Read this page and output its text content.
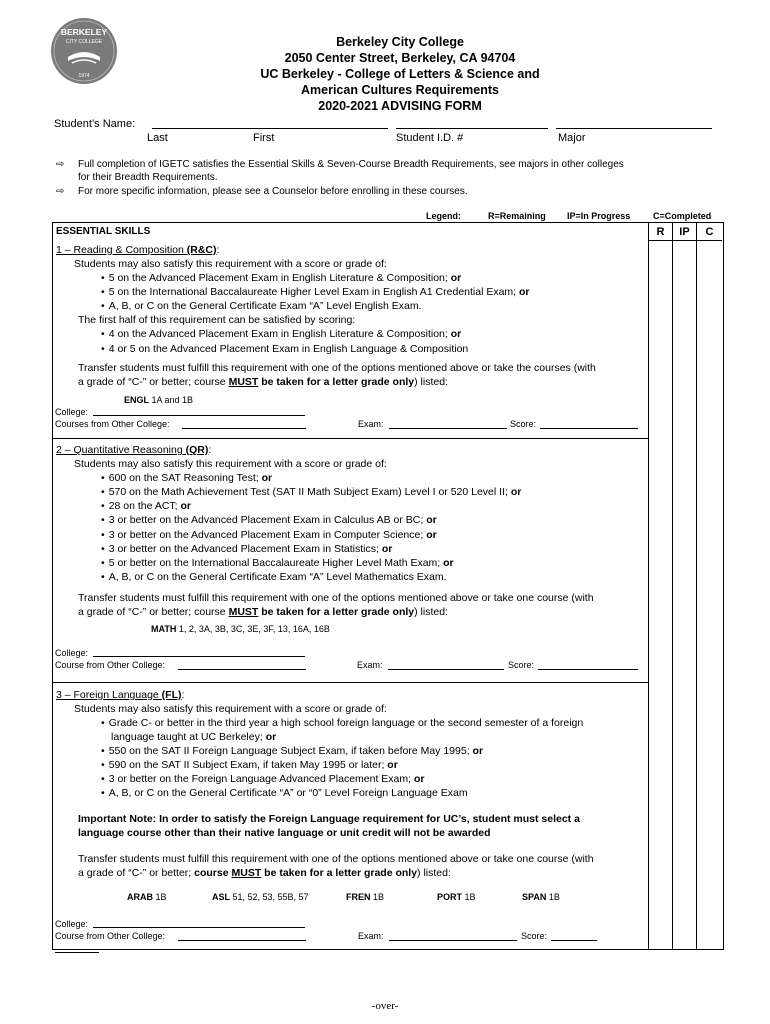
BERKELEY
CITY COLLEGE
1974
Berkeley City College
2050 Center Street, Berkeley, CA 94704
UC Berkeley - College of Letters & Science and
American Cultures Requirements
2020-2021 ADVISING FORM
Student’s Name:
Last	First	Student I.D. #	Major
⇨ Full completion of IGETC satisfies the Essential Skills & Seven-Course Breadth Requirements, see majors in other colleges
for their Breadth Requirements.
⇨ For more specific information, please see a Counselor before enrolling in these courses.
Legend:	R=Remaining IP=In Progress	C=Completed
R	IP	C
ESSENTIAL SKILLS
1 – Reading & Composition (R&C):
Students may also satisfy this requirement with a score or grade of:
• 5 on the Advanced Placement Exam in English Literature & Composition; or
• 5 on the International Baccalaureate Higher Level Exam in English A1 Credential Exam; or
• A, B, or C on the General Certificate Exam “A” Level English Exam.
The first half of this requirement can be satisfied by scoring:
• 4 on the Advanced Placement Exam in English Literature & Composition; or
• 4 or 5 on the Advanced Placement Exam in English Language & Composition
Transfer students must fulfill this requirement with one of the options mentioned above or take the courses (with
a grade of “C-” or better; course MUST be taken for a letter grade only) listed:
ENGL 1A and 1B
College:
Courses from Other College:	Exam:	Score:
2 – Quantitative Reasoning (QR):
Students may also satisfy this requirement with a score or grade of:
• 600 on the SAT Reasoning Test; or
• 570 on the Math Achievement Test (SAT II Math Subject Exam) Level I or 520 Level II; or
• 28 on the ACT; or
• 3 or better on the Advanced Placement Exam in Calculus AB or BC; or
• 3 or better on the Advanced Placement Exam in Computer Science; or
• 3 or better on the Advanced Placement Exam in Statistics; or
• 5 or better on the International Baccalaureate Higher Level Math Exam; or
• A, B, or C on the General Certificate Exam “A” Level Mathematics Exam.
Transfer students must fulfill this requirement with one of the options mentioned above or take one course (with
a grade of “C-” or better; course MUST be taken for a letter grade only) listed:
MATH 1, 2, 3A, 3B, 3C, 3E, 3F, 13, 16A, 16B
College:
Course from Other College:	Exam:	Score:
3 – Foreign Language (FL):
Students may also satisfy this requirement with a score or grade of:
• Grade C- or better in the third year a high school foreign language or the second semester of a foreign
language taught at UC Berkeley; or
• 550 on the SAT II Foreign Language Subject Exam, if taken before May 1995; or
• 590 on the SAT II Subject Exam, if taken May 1995 or later; or
• 3 or better on the Foreign Language Advanced Placement Exam; or
• A, B, or C on the General Certificate “A” or “0” Level Foreign Language Exam
Important Note: In order to satisfy the Foreign Language requirement for UC’s, student must select a
language course other than their native language or unit credit will not be awarded
Transfer students must fulfill this requirement with one of the options mentioned above or take one course (with
a grade of “C-” or better; course MUST be taken for a letter grade only) listed:
ARAB 1B	ASL 51, 52, 53, 55B, 57	FREN 1B	PORT 1B	SPAN 1B
College:
Course from Other College:	Exam:	Score:
-over-
